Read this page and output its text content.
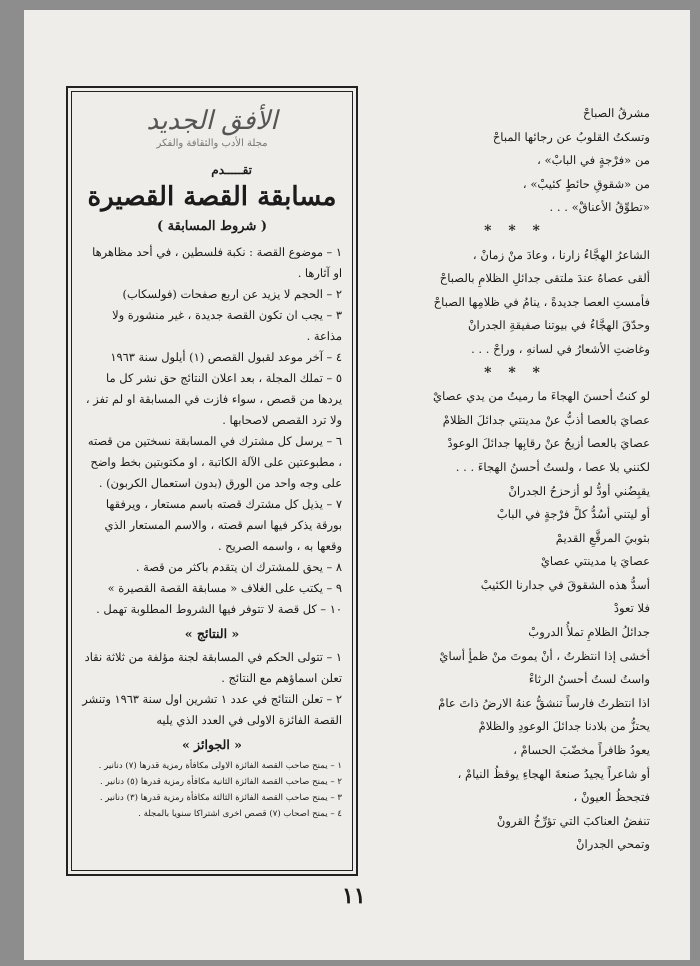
الأفق الجديد
مجلة الأدب والثقافة والفكر
تقـــــدم
مسابقة القصة القصيرة
( شروط المسابقة )

١ – موضوع القصة : نكبة فلسطين ، في أحد مظاهرها او آثارها .

٢ – الحجم لا يزيد عن اربع صفحات (فولسكاب)

٣ – يجب ان تكون القصة جديدة ، غير منشورة ولا مذاعة .

٤ – آخر موعد لقبول القصص (١) أيلول سنة ١٩٦٣

٥ – تملك المجلة ، بعد اعلان النتائج حق نشر كل ما يردها من قصص ، سواء فازت في المسابقة او لم تفز ، ولا ترد القصص لاصحابها .

٦ – يرسل كل مشترك في المسابقة نسختين من قصته ، مطبوعتين على الآلة الكاتبة ، او مكتوبتين بخط واضح على وجه واحد من الورق (بدون استعمال الكربون) .

٧ – يذيل كل مشترك قصته باسم مستعار ، ويرفقها بورقة يذكر فيها اسم قصته ، والاسم المستعار الذي وقعها به ، واسمه الصريح .

٨ – يحق للمشترك ان يتقدم باكثر من قصة .

٩ – يكتب على الغلاف « مسابقة القصة القصيرة »

١٠ – كل قصة لا تتوفر فيها الشروط المطلوبة تهمل .

« النتائج »

١ – تتولى الحكم في المسابقة لجنة مؤلفة من ثلاثة نقاد تعلن اسماؤهم مع النتائج .

٢ – تعلن النتائج في عدد ١ تشرين اول سنة ١٩٦٣ وتنشر القصة الفائزة الاولى في العدد الذي يليه

« الجوائز »

١ – يمنح صاحب القصة الفائزة الاولى مكافأة رمزية قدرها (٧) دنانير .

٢ – يمنح صاحب القصة الفائزة الثانية مكافأة رمزية قدرها (٥) دنانير .

٣ – يمنح صاحب القصة الفائزة الثالثة مكافأة رمزية قدرها (٣) دنانير .

٤ – يمنح اصحاب (٧) قصص اخرى اشتراكا سنويا بالمجلة .

مشرقُ الصباحْ
وتسكتُ القلوبُ عن رجائها المباحْ
من «فرْجةٍ في البابْ» ،
من «شقوقِ حائطٍ كئيبْ» ،
«تطوِّقُ الأعناقْ» . . .
* * *
الشاعرُ الهجَّاءُ زارنا ، وعادَ منْ زمانْ ،
ألقى عصاهُ عندَ ملتقى جدائلِ الظلامِ بالصباحْ
فأمستِ العصا جديدةً ، ينامُ في ظلامِها الصباحْ
وحدّقَ الهجَّاءُ في بيوتنا صفيقةِ الجدرانْ
وغاضتِ الأشعارُ في لسانهِ ، وراحْ . . .
* * *
لو كنتُ أحسنَ الهجاءَ ما رميتُ من يدي عصايْ
عصايَ بالعصا أذبُّ عنْ مدينتي جدائلَ الظلامْ
عصايَ بالعصا أزيحُ عنْ رقابِها جدائلَ الوعودْ
لكنني بلا عصا ، ولستُ أحسنُ الهجاءَ . . .
يقبِضُني أودُّ لو أزحزحُ الجدرانْ
أو ليتني أسُدُّ كلَّ فرْجةٍ في البابْ
بثوبيَ المرقَّعِ القديمْ
عصايَ يا مدينتي عصايْ
أسدُّ هذه الشقوقَ في جدارنا الكئيبْ
فلا تعودْ
جدائلُ الظلامِ تملأُ الدروبْ
أخشى إذا انتظرتُ ، أنْ يموتَ منْ ظمأٍ أسايْ
واستُ لستُ أحسنُ الرثاءْ
اذا انتظرتُ فارساً تنشقُّ عنهُ الارضُ ذاتَ عامْ
يحتزُّ من بلادنا جدائلَ الوعودِ والظلامْ
يعودُ ظافراً مخضّبَ الحسامْ ،
أو شاعراً يجيدُ صنعةَ الهجاءِ يوقظُ النيامْ ،
فتجحظُ العيونْ ،
تنفضُ العناكبَ التي تؤرِّخُ القرونْ
وتمحي الجدرانْ
١١
